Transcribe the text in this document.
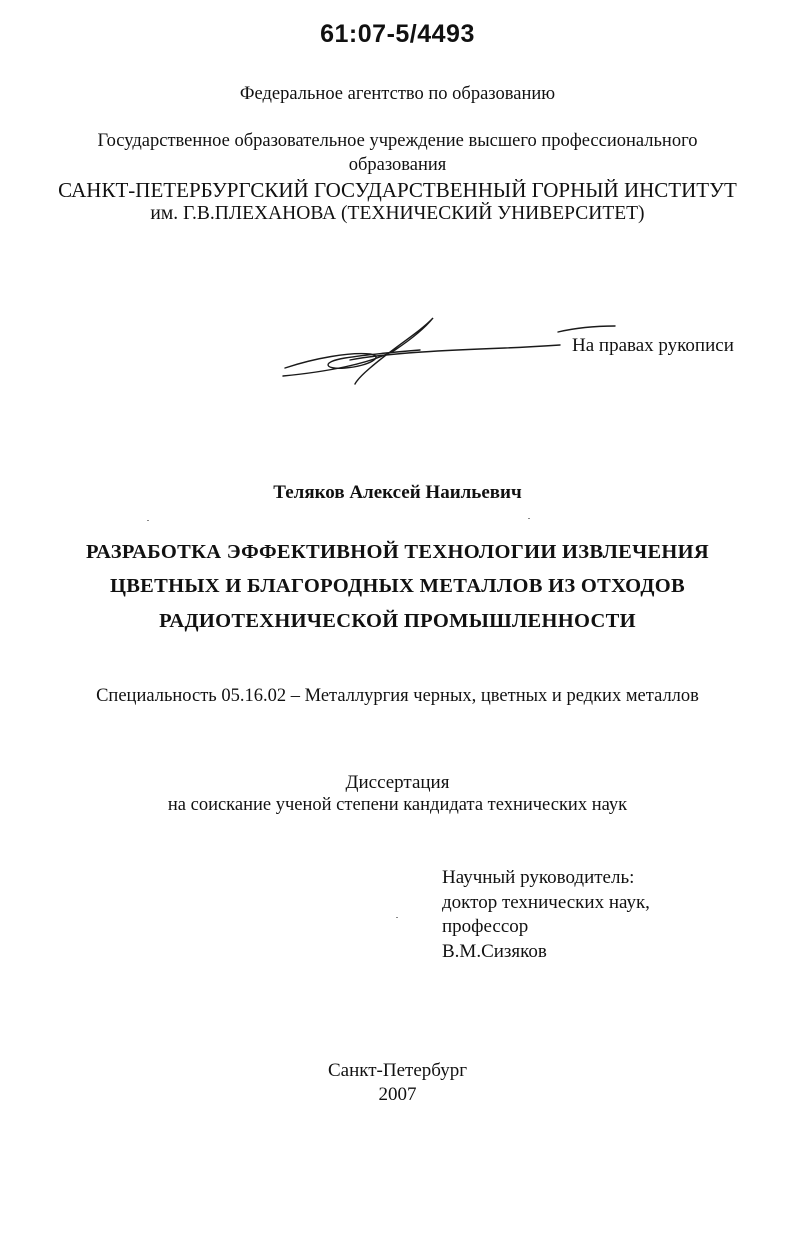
61:07-5/4493
Федеральное агентство по образованию
Государственное образовательное учреждение высшего профессионального
образования
САНКТ-ПЕТЕРБУРГСКИЙ ГОСУДАРСТВЕННЫЙ ГОРНЫЙ ИНСТИТУТ
им. Г.В.ПЛЕХАНОВА (ТЕХНИЧЕСКИЙ УНИВЕРСИТЕТ)
На правах рукописи
Теляков Алексей Наильевич
РАЗРАБОТКА ЭФФЕКТИВНОЙ ТЕХНОЛОГИИ ИЗВЛЕЧЕНИЯ
ЦВЕТНЫХ И БЛАГОРОДНЫХ МЕТАЛЛОВ ИЗ ОТХОДОВ
РАДИОТЕХНИЧЕСКОЙ ПРОМЫШЛЕННОСТИ
Специальность 05.16.02 – Металлургия черных, цветных и редких металлов
Диссертация
на соискание ученой степени кандидата технических наук
Научный руководитель:
доктор технических наук,
профессор
В.М.Сизяков
Санкт-Петербург
2007
